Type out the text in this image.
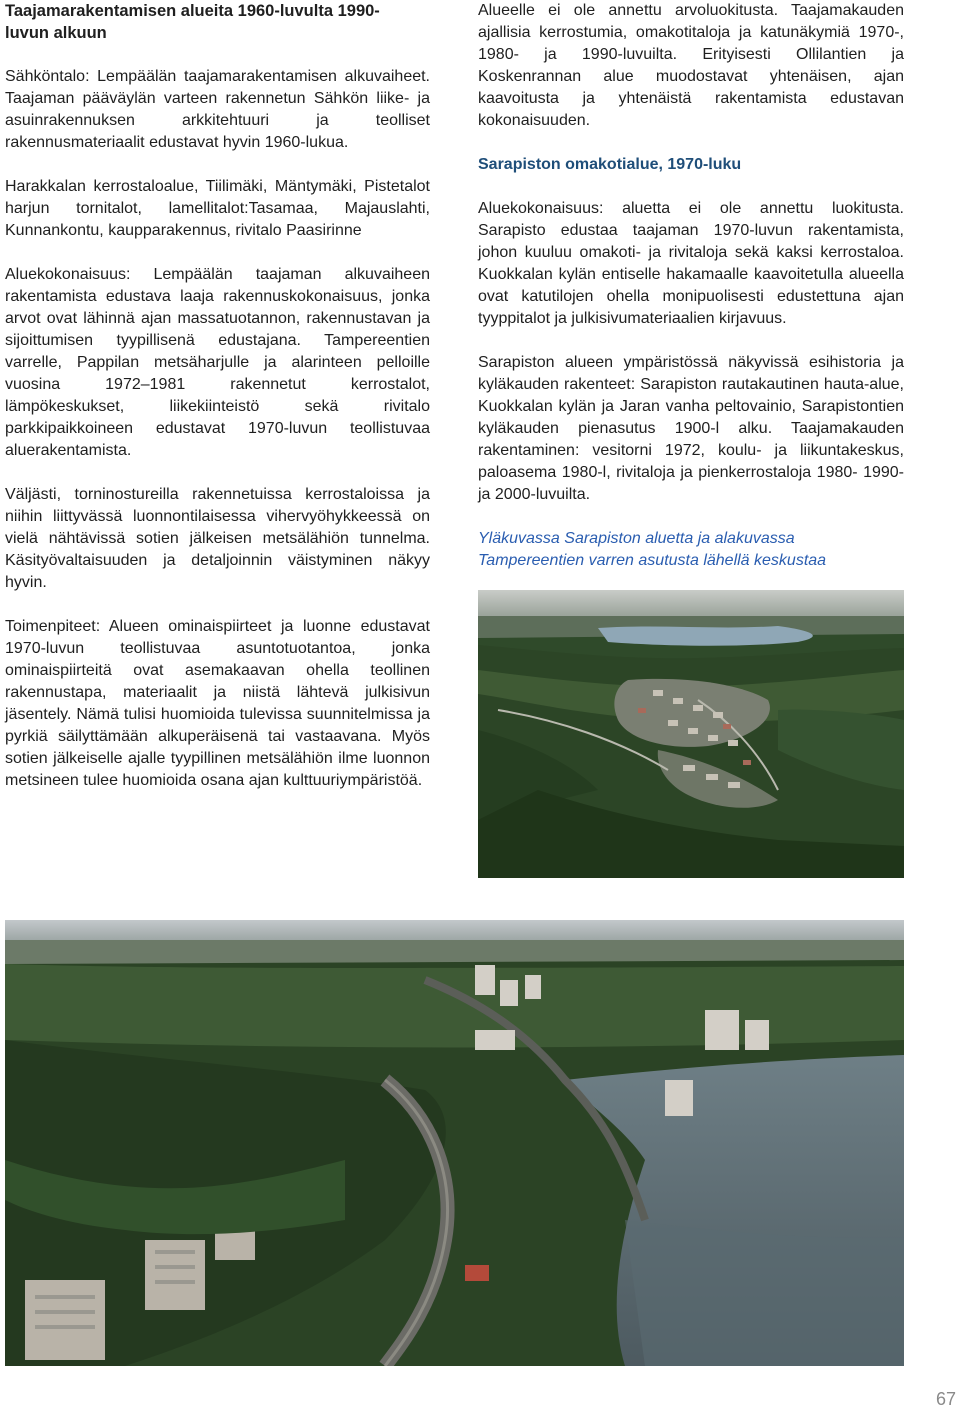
Taajamarakentamisen alueita 1960-luvulta 1990-
luvun alkuun

Sähköntalo: Lempäälän taajamarakentamisen alkuvaiheet. Taajaman pääväylän varteen rakennetun Sähkön liike- ja asuinrakennuksen arkkitehtuuri ja teolliset rakennusmateriaalit edustavat hyvin 1960-lukua.

Harakkalan kerrostaloalue, Tiilimäki, Mäntymäki, Pistetalot harjun tornitalot, lamellitalot:Tasamaa, Majauslahti, Kunnankontu, kaupparakennus, rivitalo Paasirinne

Aluekokonaisuus: Lempäälän taajaman alkuvaiheen rakentamista edustava laaja rakennuskokonaisuus, jonka arvot ovat lähinnä ajan massatuotannon, rakennustavan ja sijoittumisen tyypillisenä edustajana. Tampereentien varrelle, Pappilan metsäharjulle ja alarinteen pelloille vuosina 1972–1981 rakennetut kerrostalot, lämpökeskukset, liikekiinteistö sekä rivitalo parkkipaikkoineen edustavat 1970-luvun teollistuvaa aluerakentamista.

Väljästi, torninostureilla rakennetuissa kerrostaloissa ja niihin liittyvässä luonnontilaisessa vihervyöhykkeessä on vielä nähtävissä sotien jälkeisen metsälähiön tunnelma. Käsityövaltaisuuden ja detaljoinnin väistyminen näkyy hyvin.

Toimenpiteet: Alueen ominaispiirteet ja luonne edustavat 1970-luvun teollistuvaa asuntotuotantoa, jonka ominaispiirteitä ovat asemakaavan ohella teollinen rakennustapa, materiaalit ja niistä lähtevä julkisivun jäsentely. Nämä tulisi huomioida tulevissa suunnitelmissa ja pyrkiä säilyttämään alkuperäisenä tai vastaavana. Myös sotien jälkeiselle ajalle tyypillinen metsälähiön ilme luonnon metsineen tulee huomioida osana ajan kulttuuriympäristöä.

Alueelle ei ole annettu arvoluokitusta. Taajamakauden ajallisia kerrostumia, omakotitaloja ja katunäkymiä 1970-, 1980- ja 1990-luvuilta. Erityisesti Ollilantien ja Koskenrannan alue muodostavat yhtenäisen, ajan kaavoitusta ja yhtenäistä rakentamista edustavan kokonaisuuden.

Sarapiston omakotialue, 1970-luku

Aluekokonaisuus: aluetta ei ole annettu luokitusta. Sarapisto edustaa taajaman 1970-luvun rakentamista, johon kuuluu omakoti- ja rivitaloja sekä kaksi kerrostaloa. Kuokkalan kylän entiselle hakamaalle kaavoitetulla alueella ovat katutilojen ohella monipuolisesti edustettuna ajan tyyppitalot ja julkisivumateriaalien kirjavuus.

Sarapiston alueen ympäristössä näkyvissä esihistoria ja kyläkauden rakenteet: Sarapiston rautakautinen hauta-alue, Kuokkalan kylän ja Jaran vanha peltovainio, Sarapistontien kyläkauden pienasutus 1900-l alku. Taajamakauden rakentaminen: vesitorni 1972, koulu- ja liikuntakeskus, paloasema 1980-l, rivitaloja ja pienkerrostaloja 1980- 1990- ja 2000-luvuilta.

Yläkuvassa Sarapiston aluetta ja alakuvassa Tampereentien varren asutusta lähellä keskustaa

67
